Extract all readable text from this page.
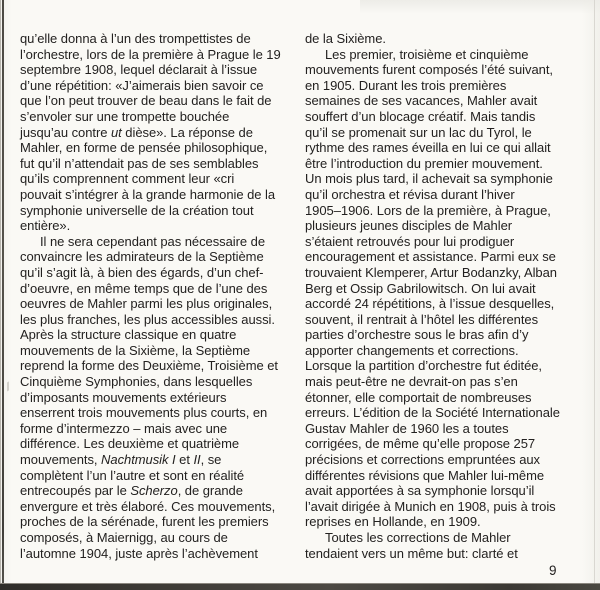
qu’elle donna à l’un des trompettistes de
l’orchestre, lors de la première à Prague le 19
septembre 1908, lequel déclarait à l’issue
d’une répétition: «J’aimerais bien savoir ce
que l’on peut trouver de beau dans le fait de
s’envoler sur une trompette bouchée
jusqu’au contre ut dièse». La réponse de
Mahler, en forme de pensée philosophique,
fut qu’il n’attendait pas de ses semblables
qu’ils comprennent comment leur «cri
pouvait s’intégrer à la grande harmonie de la
symphonie universelle de la création tout
entière».

Il ne sera cependant pas nécessaire de
convaincre les admirateurs de la Septième
qu’il s’agit là, à bien des égards, d’un chef-
d’oeuvre, en même temps que de l’une des
oeuvres de Mahler parmi les plus originales,
les plus franches, les plus accessibles aussi.
Après la structure classique en quatre
mouvements de la Sixième, la Septième
reprend la forme des Deuxième, Troisième et
Cinquième Symphonies, dans lesquelles
d’imposants mouvements extérieurs
enserrent trois mouvements plus courts, en
forme d’intermezzo – mais avec une
différence. Les deuxième et quatrième
mouvements, Nachtmusik I et II, se
complètent l’un l’autre et sont en réalité
entrecoupés par le Scherzo, de grande
envergure et très élaboré. Ces mouvements,
proches de la sérénade, furent les premiers
composés, à Maiernigg, au cours de
l’automne 1904, juste après l’achèvement

de la Sixième.

Les premier, troisième et cinquième
mouvements furent composés l’été suivant,
en 1905. Durant les trois premières
semaines de ses vacances, Mahler avait
souffert d’un blocage créatif. Mais tandis
qu’il se promenait sur un lac du Tyrol, le
rythme des rames éveilla en lui ce qui allait
être l’introduction du premier mouvement.
Un mois plus tard, il achevait sa symphonie
qu’il orchestra et révisa durant l’hiver
1905–1906. Lors de la première, à Prague,
plusieurs jeunes disciples de Mahler
s’étaient retrouvés pour lui prodiguer
encouragement et assistance. Parmi eux se
trouvaient Klemperer, Artur Bodanzky, Alban
Berg et Ossip Gabrilowitsch. On lui avait
accordé 24 répétitions, à l’issue desquelles,
souvent, il rentrait à l’hôtel les différentes
parties d’orchestre sous le bras afin d’y
apporter changements et corrections.
Lorsque la partition d’orchestre fut éditée,
mais peut-être ne devrait-on pas s’en
étonner, elle comportait de nombreuses
erreurs. L’édition de la Société Internationale
Gustav Mahler de 1960 les a toutes
corrigées, de même qu’elle propose 257
précisions et corrections empruntées aux
différentes révisions que Mahler lui-même
avait apportées à sa symphonie lorsqu’il
l’avait dirigée à Munich en 1908, puis à trois
reprises en Hollande, en 1909.

Toutes les corrections de Mahler
tendaient vers un même but: clarté et

9
